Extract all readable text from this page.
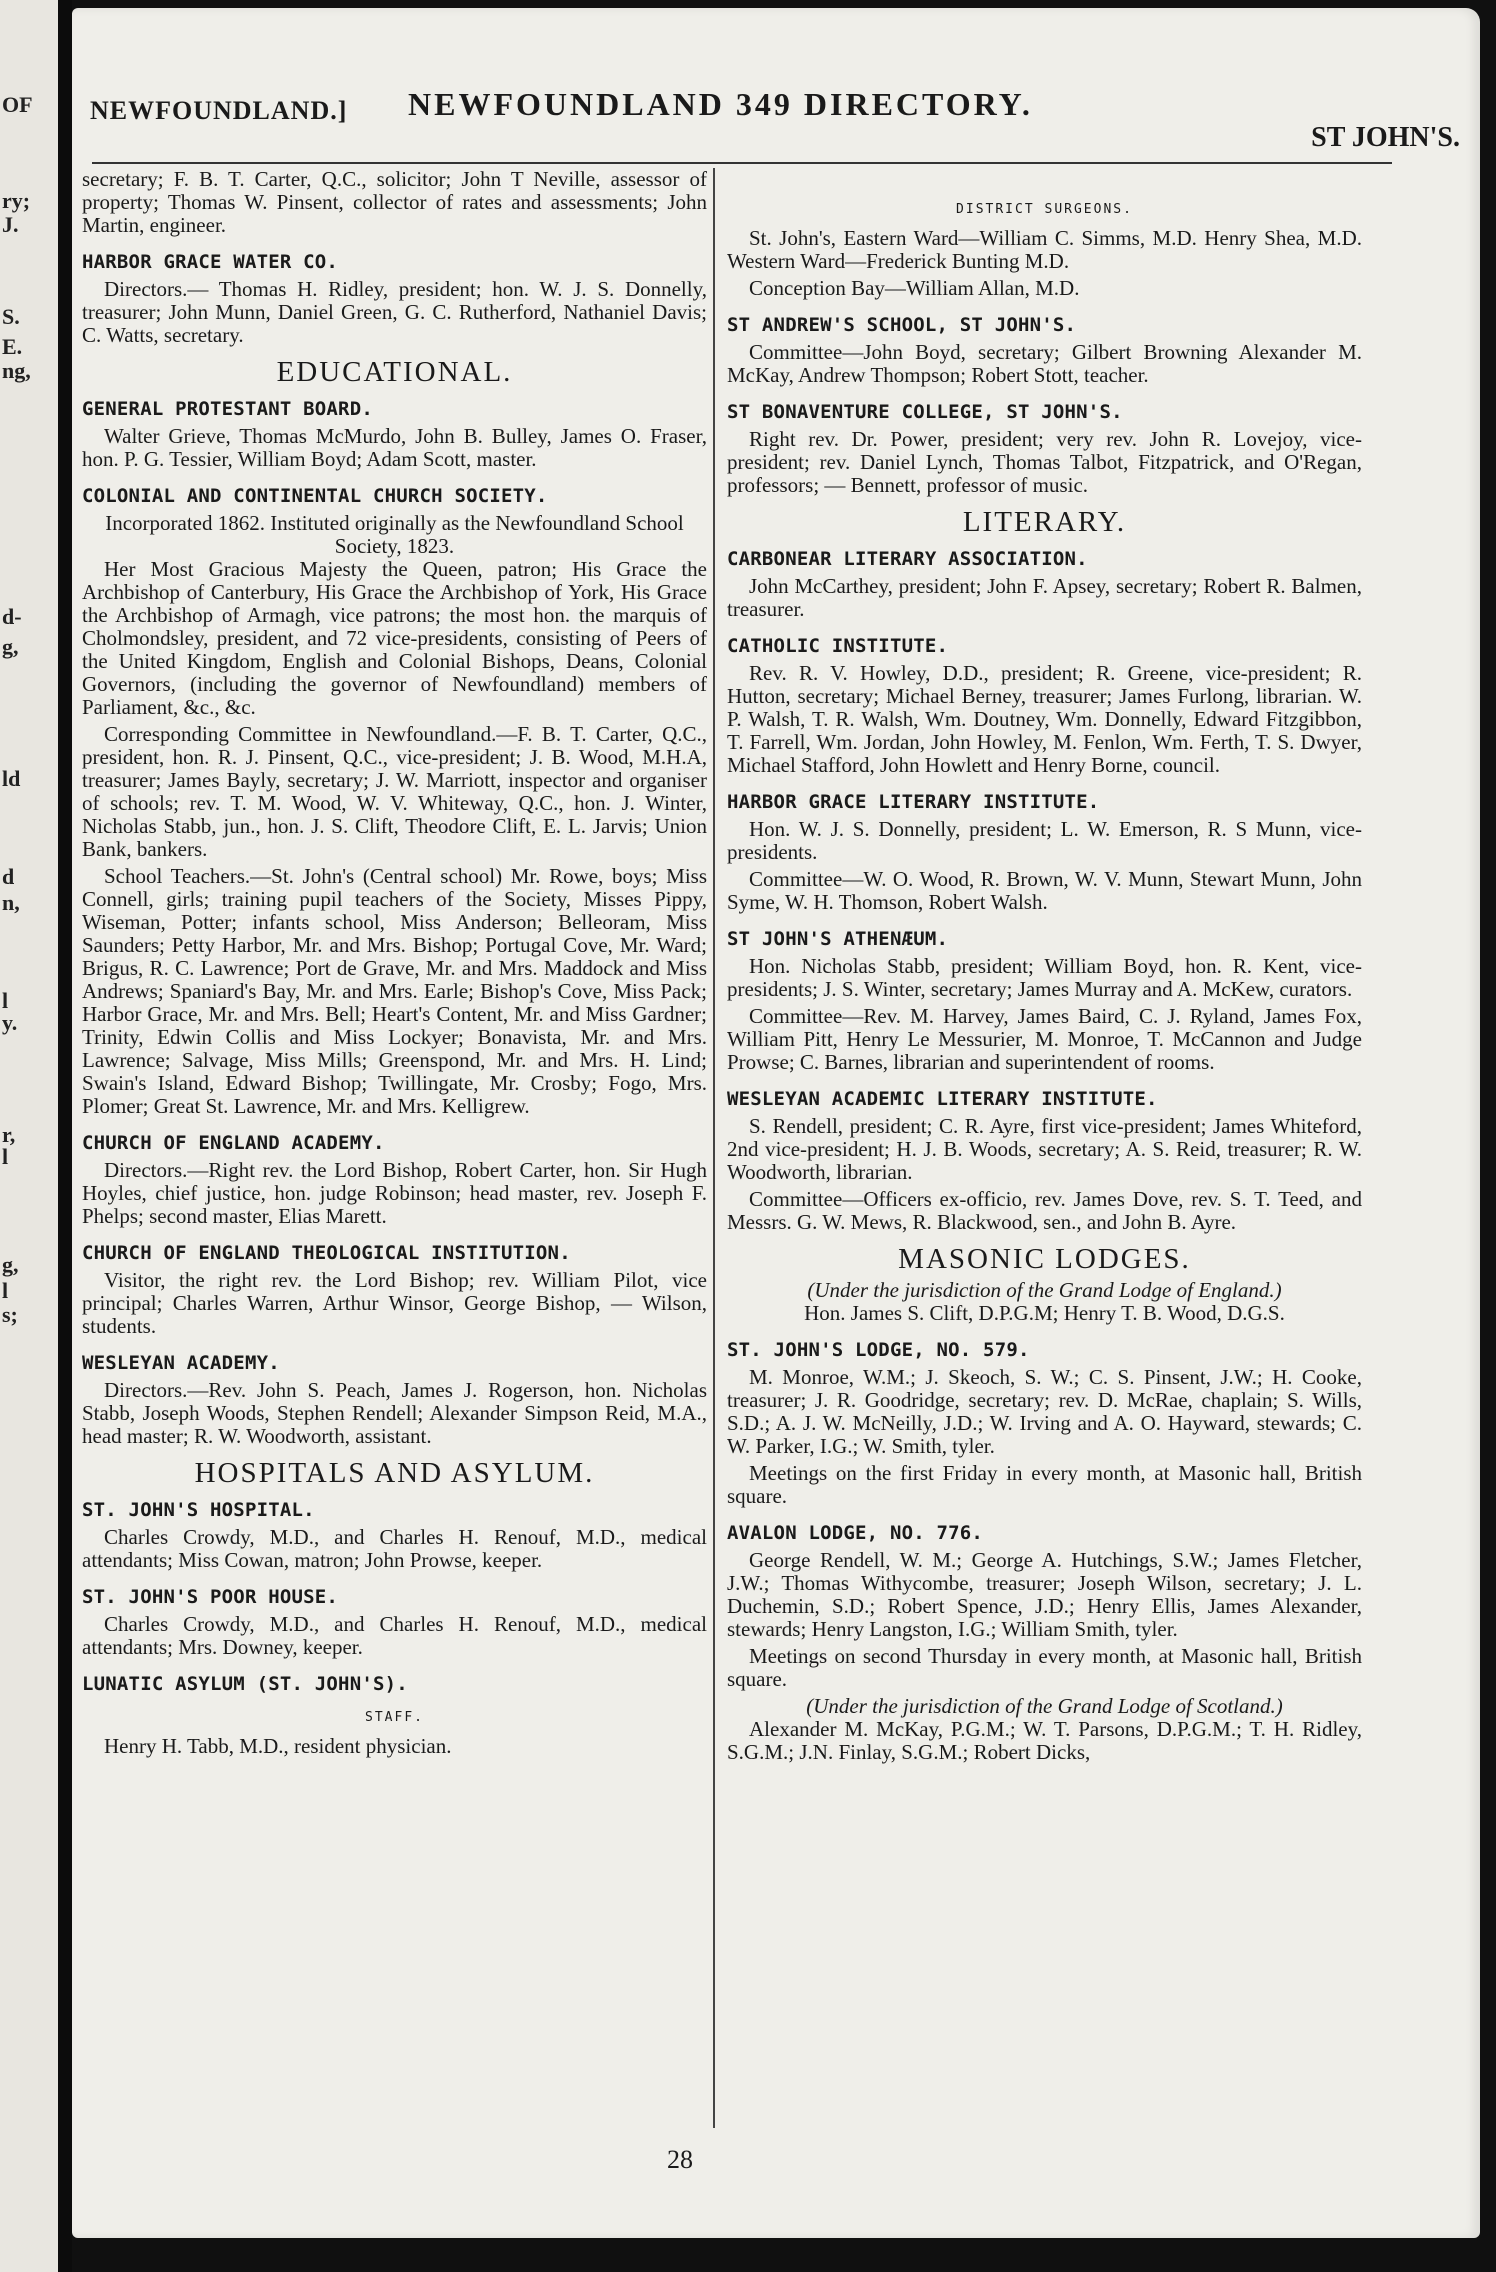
OF
ry;
J.
S.
E.
ng,
d-
g,
ld
d
n,
l
y.
r,
l
g,
l
s;
NEWFOUNDLAND.] NEWFOUNDLAND 349 DIRECTORY.
ST JOHN'S.

secretary; F. B. T. Carter, Q.C., solicitor; John T Neville, assessor of property; Thomas W. Pinsent, collector of rates and assessments; John Martin, engineer.

HARBOR GRACE WATER CO.

Directors.— Thomas H. Ridley, president; hon. W. J. S. Donnelly, treasurer; John Munn, Daniel Green, G. C. Rutherford, Nathaniel Davis; C. Watts, secretary.

EDUCATIONAL.
GENERAL PROTESTANT BOARD.

Walter Grieve, Thomas McMurdo, John B. Bulley, James O. Fraser, hon. P. G. Tessier, William Boyd; Adam Scott, master.

COLONIAL AND CONTINENTAL CHURCH SOCIETY.
Incorporated 1862. Instituted originally as the Newfoundland School Society, 1823.

Her Most Gracious Majesty the Queen, patron; His Grace the Archbishop of Canterbury, His Grace the Archbishop of York, His Grace the Archbishop of Armagh, vice patrons; the most hon. the marquis of Cholmondsley, president, and 72 vice-presidents, consisting of Peers of the United Kingdom, English and Colonial Bishops, Deans, Colonial Governors, (including the governor of Newfoundland) members of Parliament, &c., &c.

Corresponding Committee in Newfoundland.—F. B. T. Carter, Q.C., president, hon. R. J. Pinsent, Q.C., vice-president; J. B. Wood, M.H.A, treasurer; James Bayly, secretary; J. W. Marriott, inspector and organiser of schools; rev. T. M. Wood, W. V. Whiteway, Q.C., hon. J. Winter, Nicholas Stabb, jun., hon. J. S. Clift, Theodore Clift, E. L. Jarvis; Union Bank, bankers.

School Teachers.—St. John's (Central school) Mr. Rowe, boys; Miss Connell, girls; training pupil teachers of the Society, Misses Pippy, Wiseman, Potter; infants school, Miss Anderson; Belleoram, Miss Saunders; Petty Harbor, Mr. and Mrs. Bishop; Portugal Cove, Mr. Ward; Brigus, R. C. Lawrence; Port de Grave, Mr. and Mrs. Maddock and Miss Andrews; Spaniard's Bay, Mr. and Mrs. Earle; Bishop's Cove, Miss Pack; Harbor Grace, Mr. and Mrs. Bell; Heart's Content, Mr. and Miss Gardner; Trinity, Edwin Collis and Miss Lockyer; Bonavista, Mr. and Mrs. Lawrence; Salvage, Miss Mills; Greenspond, Mr. and Mrs. H. Lind; Swain's Island, Edward Bishop; Twillingate, Mr. Crosby; Fogo, Mrs. Plomer; Great St. Lawrence, Mr. and Mrs. Kelligrew.

CHURCH OF ENGLAND ACADEMY.

Directors.—Right rev. the Lord Bishop, Robert Carter, hon. Sir Hugh Hoyles, chief justice, hon. judge Robinson; head master, rev. Joseph F. Phelps; second master, Elias Marett.

CHURCH OF ENGLAND THEOLOGICAL INSTITUTION.

Visitor, the right rev. the Lord Bishop; rev. William Pilot, vice principal; Charles Warren, Arthur Winsor, George Bishop, — Wilson, students.

WESLEYAN ACADEMY.

Directors.—Rev. John S. Peach, James J. Rogerson, hon. Nicholas Stabb, Joseph Woods, Stephen Rendell; Alexander Simpson Reid, M.A., head master; R. W. Woodworth, assistant.

HOSPITALS AND ASYLUM.
ST. JOHN'S HOSPITAL.

Charles Crowdy, M.D., and Charles H. Renouf, M.D., medical attendants; Miss Cowan, matron; John Prowse, keeper.

ST. JOHN'S POOR HOUSE.

Charles Crowdy, M.D., and Charles H. Renouf, M.D., medical attendants; Mrs. Downey, keeper.

LUNATIC ASYLUM (ST. JOHN'S).
STAFF.

Henry H. Tabb, M.D., resident physician.

DISTRICT SURGEONS.

St. John's, Eastern Ward—William C. Simms, M.D. Henry Shea, M.D. Western Ward—Frederick Bunting M.D.

Conception Bay—William Allan, M.D.

ST ANDREW'S SCHOOL, ST JOHN'S.

Committee—John Boyd, secretary; Gilbert Browning Alexander M. McKay, Andrew Thompson; Robert Stott, teacher.

ST BONAVENTURE COLLEGE, ST JOHN'S.

Right rev. Dr. Power, president; very rev. John R. Lovejoy, vice-president; rev. Daniel Lynch, Thomas Talbot, Fitzpatrick, and O'Regan, professors; — Bennett, professor of music.

LITERARY.
CARBONEAR LITERARY ASSOCIATION.

John McCarthey, president; John F. Apsey, secretary; Robert R. Balmen, treasurer.

CATHOLIC INSTITUTE.

Rev. R. V. Howley, D.D., president; R. Greene, vice-president; R. Hutton, secretary; Michael Berney, treasurer; James Furlong, librarian. W. P. Walsh, T. R. Walsh, Wm. Doutney, Wm. Donnelly, Edward Fitzgibbon, T. Farrell, Wm. Jordan, John Howley, M. Fenlon, Wm. Ferth, T. S. Dwyer, Michael Stafford, John Howlett and Henry Borne, council.

HARBOR GRACE LITERARY INSTITUTE.

Hon. W. J. S. Donnelly, president; L. W. Emerson, R. S Munn, vice-presidents.

Committee—W. O. Wood, R. Brown, W. V. Munn, Stewart Munn, John Syme, W. H. Thomson, Robert Walsh.

ST JOHN'S ATHENÆUM.

Hon. Nicholas Stabb, president; William Boyd, hon. R. Kent, vice-presidents; J. S. Winter, secretary; James Murray and A. McKew, curators.

Committee—Rev. M. Harvey, James Baird, C. J. Ryland, James Fox, William Pitt, Henry Le Messurier, M. Monroe, T. McCannon and Judge Prowse; C. Barnes, librarian and superintendent of rooms.

WESLEYAN ACADEMIC LITERARY INSTITUTE.

S. Rendell, president; C. R. Ayre, first vice-president; James Whiteford, 2nd vice-president; H. J. B. Woods, secretary; A. S. Reid, treasurer; R. W. Woodworth, librarian.

Committee—Officers ex-officio, rev. James Dove, rev. S. T. Teed, and Messrs. G. W. Mews, R. Blackwood, sen., and John B. Ayre.

MASONIC LODGES.
(Under the jurisdiction of the Grand Lodge of England.)
Hon. James S. Clift, D.P.G.M; Henry T. B. Wood, D.G.S.
ST. JOHN'S LODGE, NO. 579.

M. Monroe, W.M.; J. Skeoch, S. W.; C. S. Pinsent, J.W.; H. Cooke, treasurer; J. R. Goodridge, secretary; rev. D. McRae, chaplain; S. Wills, S.D.; A. J. W. McNeilly, J.D.; W. Irving and A. O. Hayward, stewards; C. W. Parker, I.G.; W. Smith, tyler.

Meetings on the first Friday in every month, at Masonic hall, British square.

AVALON LODGE, NO. 776.

George Rendell, W. M.; George A. Hutchings, S.W.; James Fletcher, J.W.; Thomas Withycombe, treasurer; Joseph Wilson, secretary; J. L. Duchemin, S.D.; Robert Spence, J.D.; Henry Ellis, James Alexander, stewards; Henry Langston, I.G.; William Smith, tyler.

Meetings on second Thursday in every month, at Masonic hall, British square.

(Under the jurisdiction of the Grand Lodge of Scotland.)

Alexander M. McKay, P.G.M.; W. T. Parsons, D.P.G.M.; T. H. Ridley, S.G.M.; J.N. Finlay, S.G.M.; Robert Dicks,

28
